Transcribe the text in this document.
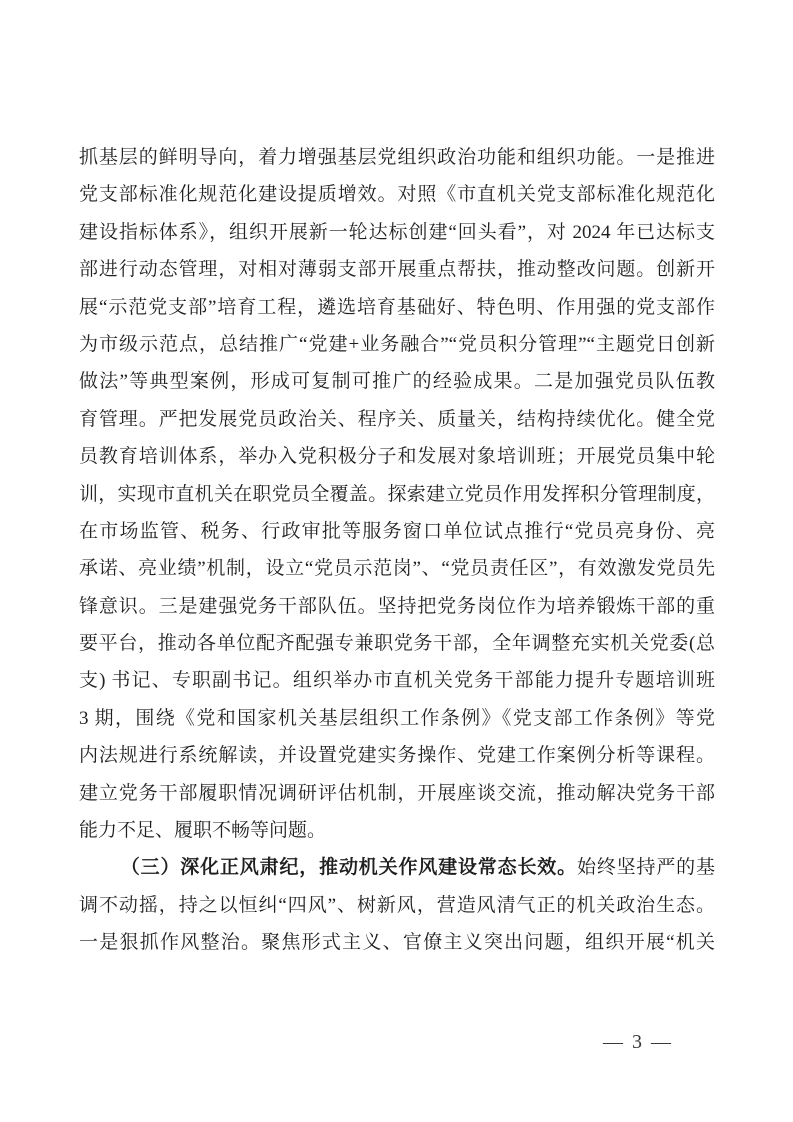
抓基层的鲜明导向，着力增强基层党组织政治功能和组织功能。一是推进
党支部标准化规范化建设提质增效。对照《市直机关党支部标准化规范化
建设指标体系》，组织开展新一轮达标创建“回头看”，对 2024 年已达标支
部进行动态管理，对相对薄弱支部开展重点帮扶，推动整改问题。创新开
展“示范党支部”培育工程，遴选培育基础好、特色明、作用强的党支部作
为市级示范点，总结推广“党建+业务融合”“党员积分管理”“主题党日创新
做法”等典型案例，形成可复制可推广的经验成果。二是加强党员队伍教
育管理。严把发展党员政治关、程序关、质量关，结构持续优化。健全党
员教育培训体系，举办入党积极分子和发展对象培训班；开展党员集中轮
训，实现市直机关在职党员全覆盖。探索建立党员作用发挥积分管理制度，
在市场监管、税务、行政审批等服务窗口单位试点推行“党员亮身份、亮
承诺、亮业绩”机制，设立“党员示范岗”、“党员责任区”，有效激发党员先
锋意识。三是建强党务干部队伍。坚持把党务岗位作为培养锻炼干部的重
要平台，推动各单位配齐配强专兼职党务干部，全年调整充实机关党委(总
支) 书记、专职副书记。组织举办市直机关党务干部能力提升专题培训班
3 期，围绕《党和国家机关基层组织工作条例》《党支部工作条例》等党
内法规进行系统解读，并设置党建实务操作、党建工作案例分析等课程。
建立党务干部履职情况调研评估机制，开展座谈交流，推动解决党务干部
能力不足、履职不畅等问题。
（三）深化正风肃纪，推动机关作风建设常态长效。始终坚持严的基
调不动摇，持之以恒纠“四风”、树新风，营造风清气正的机关政治生态。
一是狠抓作风整治。聚焦形式主义、官僚主义突出问题，组织开展“机关
— 3 —
